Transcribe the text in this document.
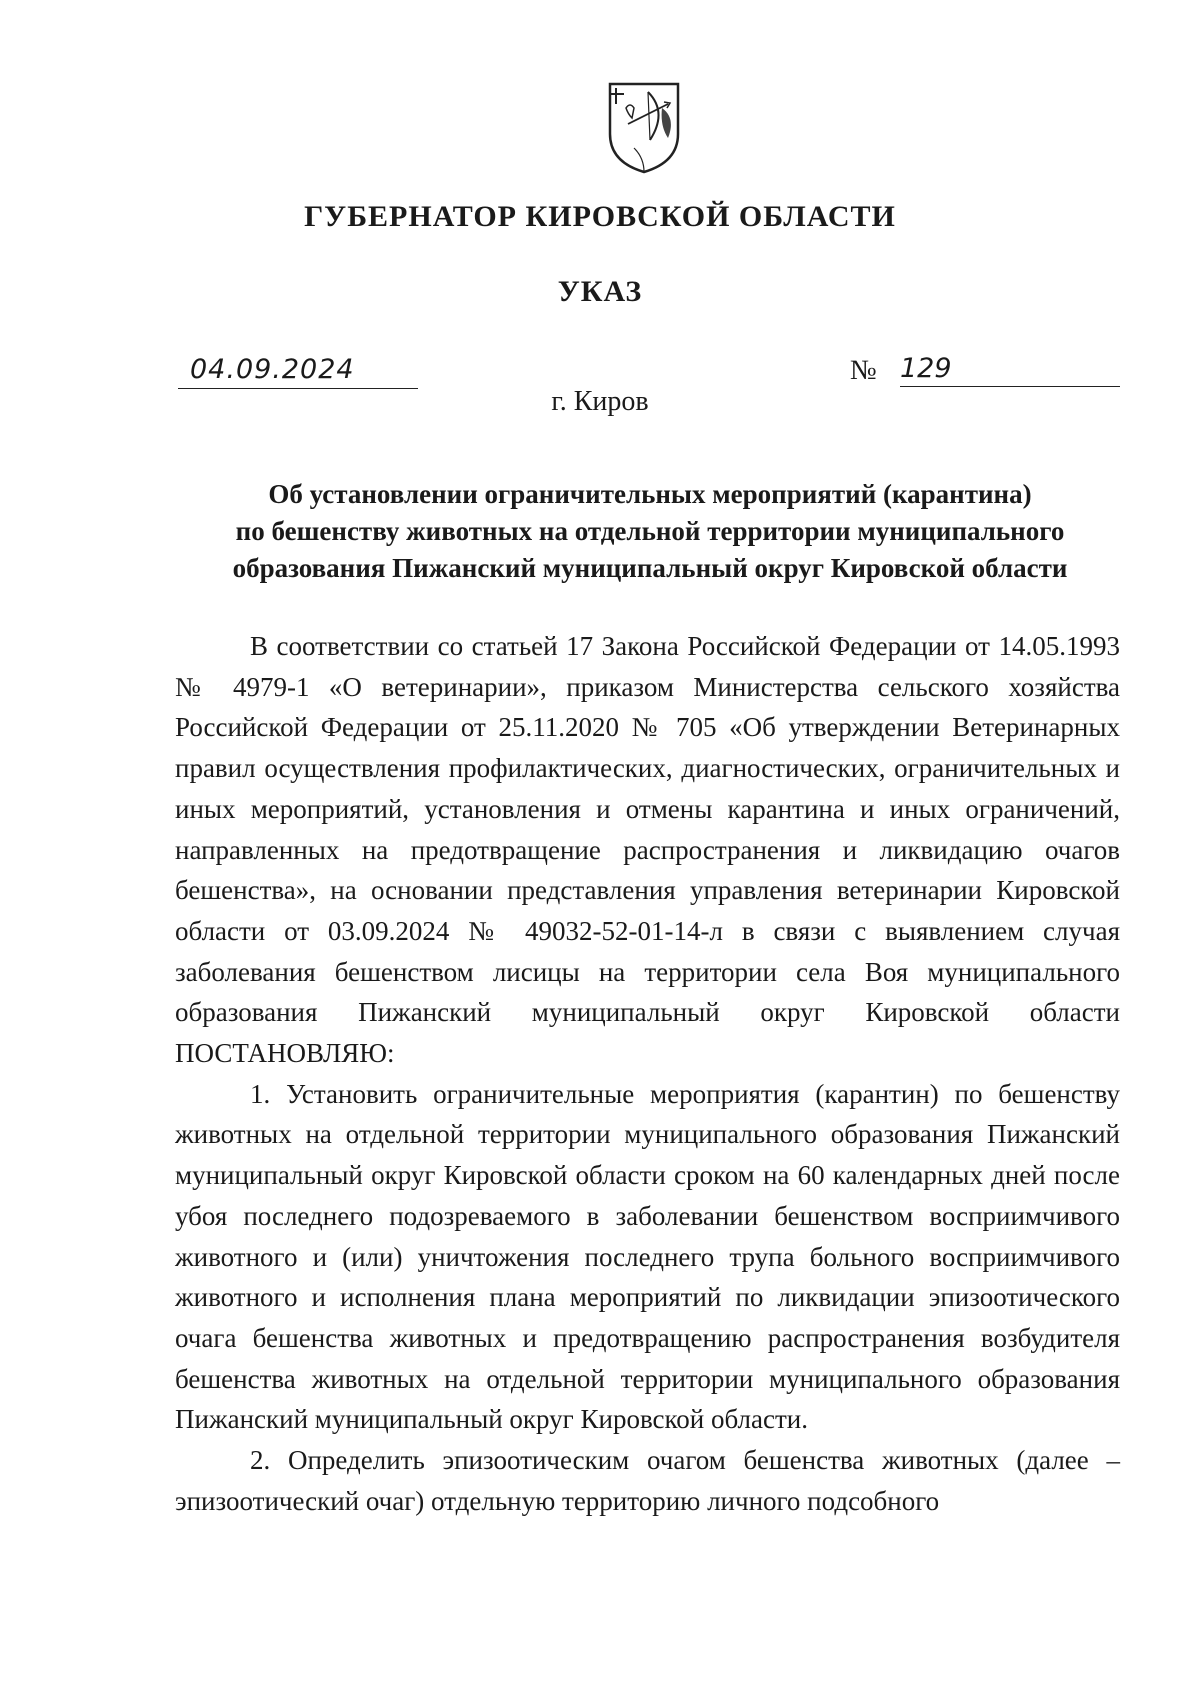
ГУБЕРНАТОР КИРОВСКОЙ ОБЛАСТИ
УКАЗ
04.09.2024	№ 129
г. Киров
Об установлении ограничительных мероприятий (карантина)
по бешенству животных на отдельной территории муниципального
образования Пижанский муниципальный округ Кировской области

В соответствии со статьей 17 Закона Российской Федерации от 14.05.1993 № 4979-1 «О ветеринарии», приказом Министерства сельского хозяйства Российской Федерации от 25.11.2020 № 705 «Об утверждении Ветеринарных правил осуществления профилактических, диагностических, ограничительных и иных мероприятий, установления и отмены карантина и иных ограничений, направленных на предотвращение распространения и ликвидацию очагов бешенства», на основании представления управления ветеринарии Кировской области от 03.09.2024 № 49032-52-01-14-л в связи с выявлением случая заболевания бешенством лисицы на территории села Воя муниципального образования Пижанский муниципальный округ Кировской области ПОСТАНОВЛЯЮ:

1. Установить ограничительные мероприятия (карантин) по бешенству животных на отдельной территории муниципального образования Пижанский муниципальный округ Кировской области сроком на 60 календарных дней после убоя последнего подозреваемого в заболевании бешенством восприимчивого животного и (или) уничтожения последнего трупа больного восприимчивого животного и исполнения плана мероприятий по ликвидации эпизоотического очага бешенства животных и предотвращению распространения возбудителя бешенства животных на отдельной территории муниципального образования Пижанский муниципальный округ Кировской области.

2. Определить эпизоотическим очагом бешенства животных (далее – эпизоотический очаг) отдельную территорию личного подсобного
